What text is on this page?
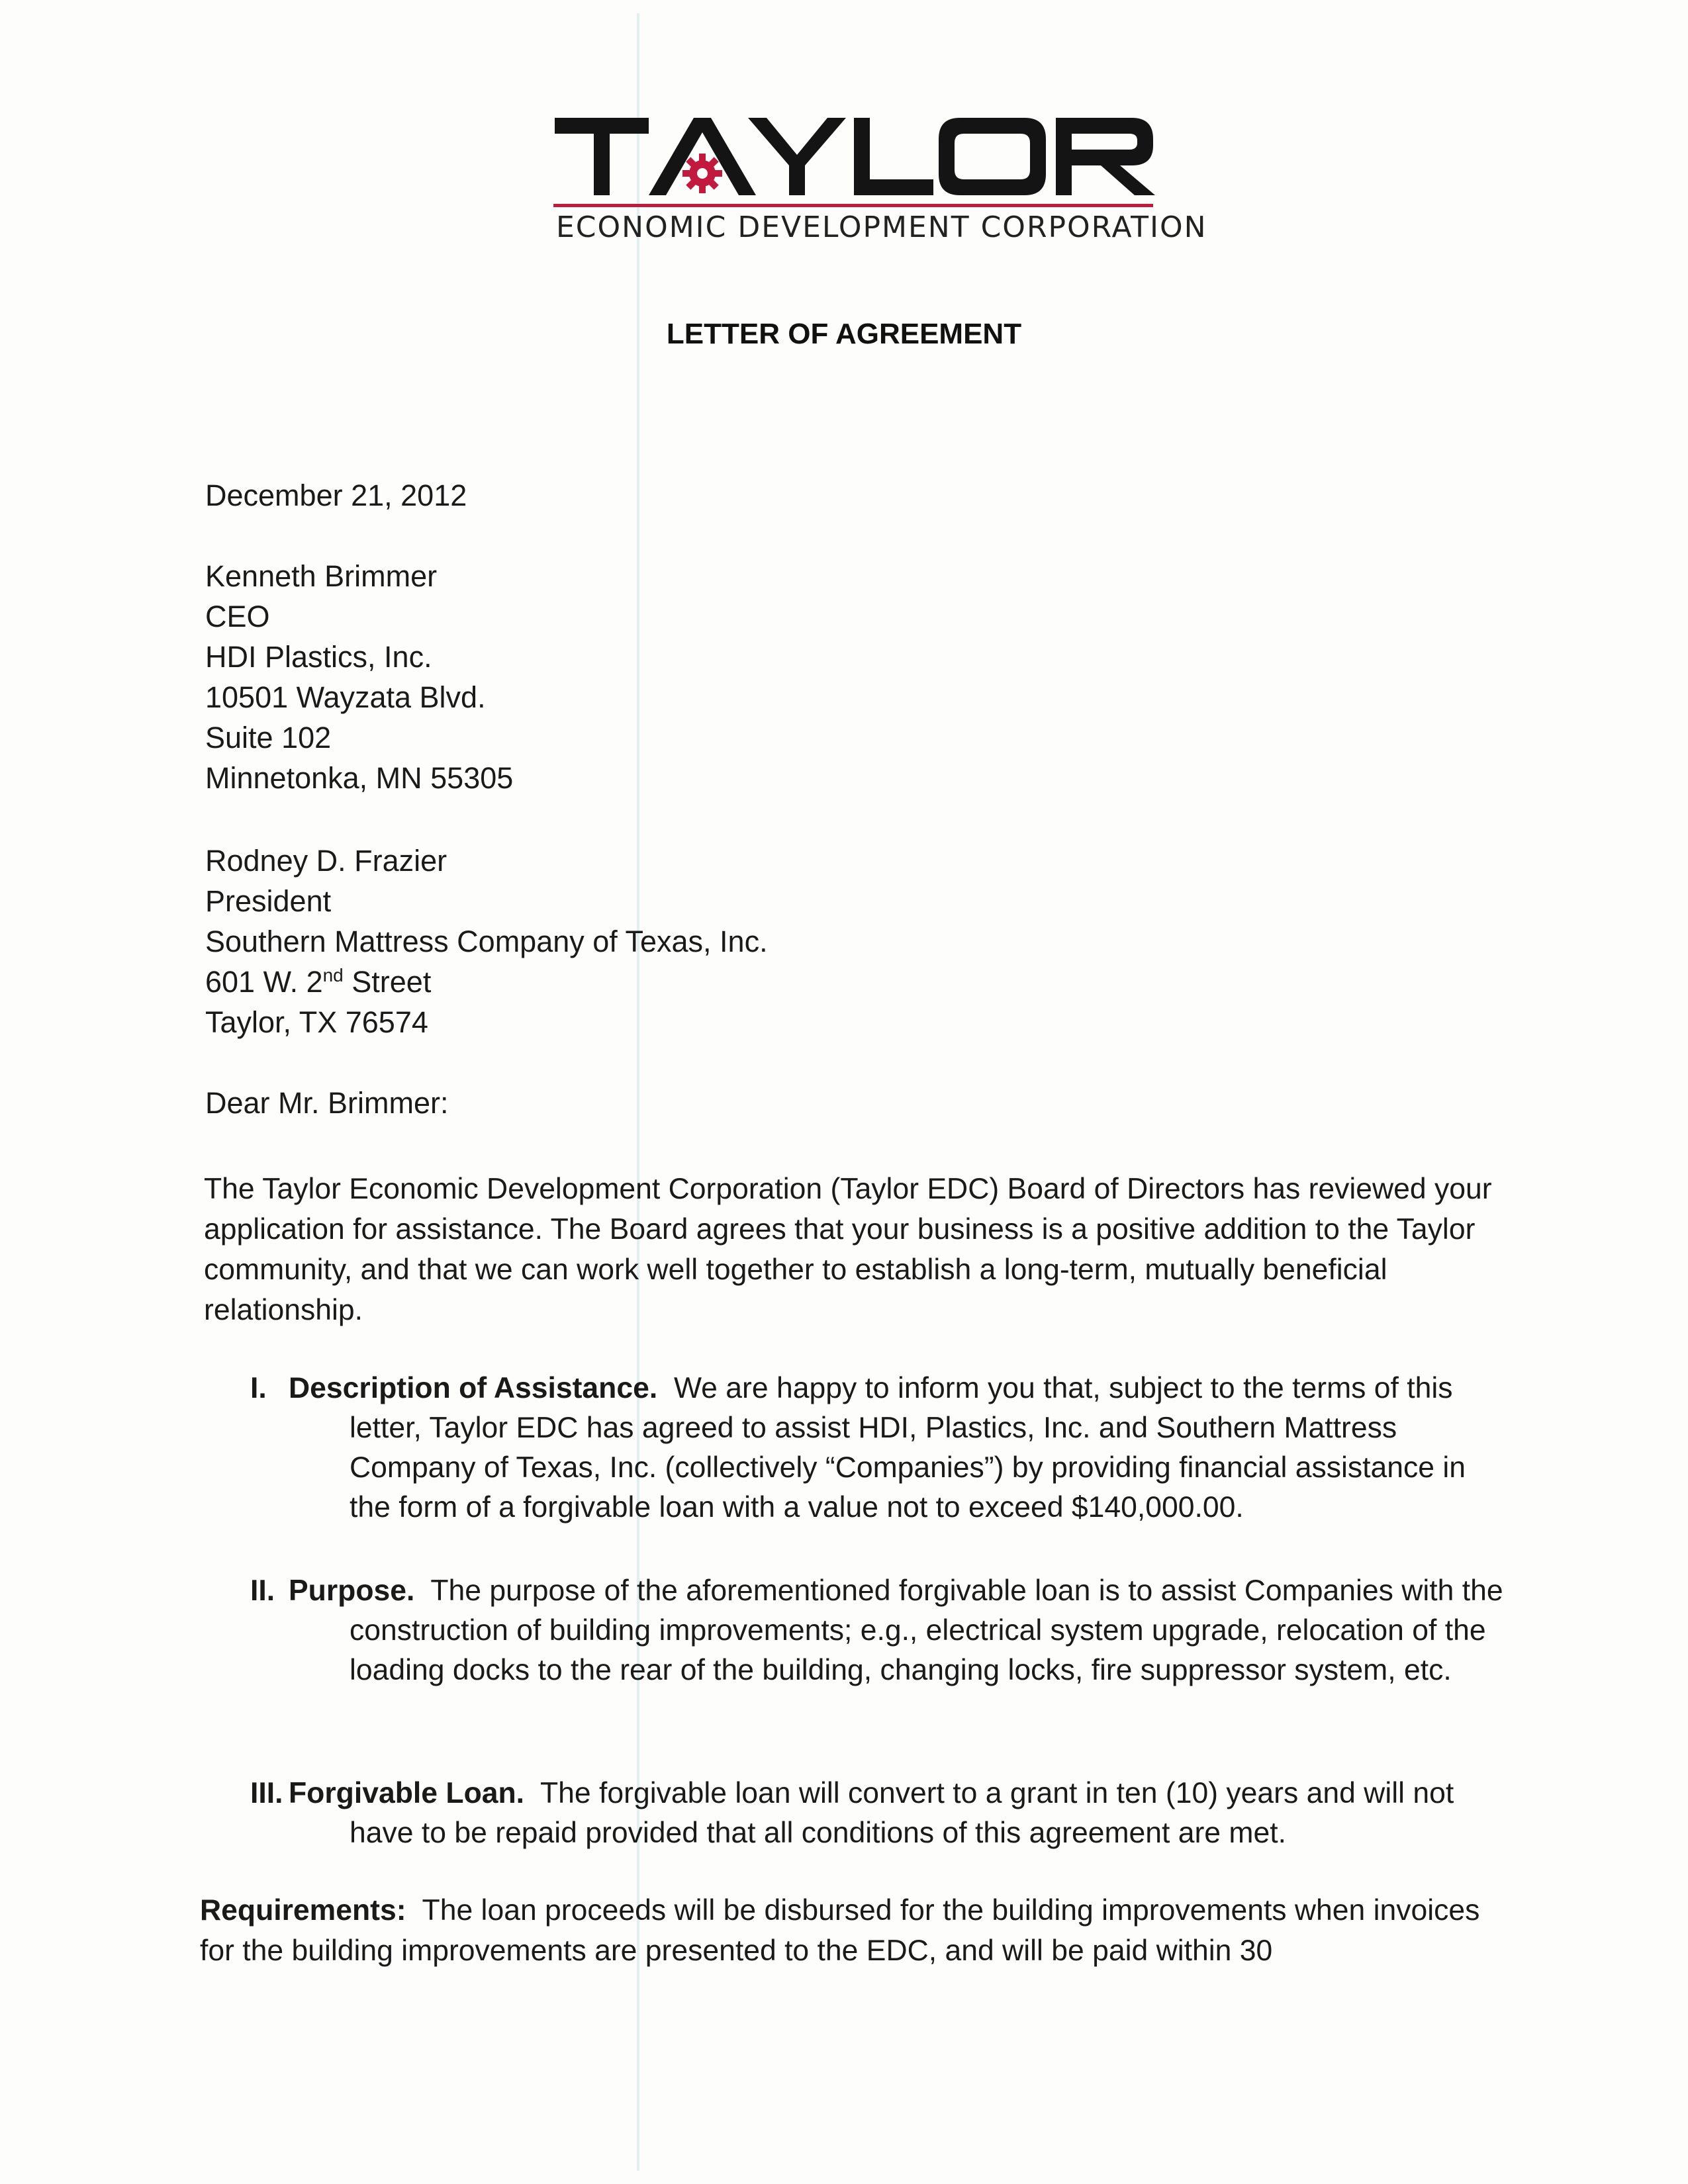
ECONOMIC DEVELOPMENT CORPORATION
LETTER OF AGREEMENT
December 21, 2012
Kenneth Brimmer
CEO
HDI Plastics, Inc.
10501 Wayzata Blvd.
Suite 102
Minnetonka, MN 55305
Rodney D. Frazier
President
Southern Mattress Company of Texas, Inc.
601 W. 2nd Street
Taylor, TX 76574
Dear Mr. Brimmer:

The Taylor Economic Development Corporation (Taylor EDC) Board of Directors has reviewed your application for assistance. The Board agrees that your business is a positive addition to the Taylor community, and that we can work well together to establish a long-term, mutually beneficial relationship.

I. Description of Assistance. We are happy to inform you that, subject to the terms of this letter, Taylor EDC has agreed to assist HDI, Plastics, Inc. and Southern Mattress Company of Texas, Inc. (collectively “Companies”) by providing financial assistance in the form of a forgivable loan with a value not to exceed $140,000.00.
II. Purpose. The purpose of the aforementioned forgivable loan is to assist Companies with the construction of building improvements; e.g., electrical system upgrade, relocation of the loading docks to the rear of the building, changing locks, fire suppressor system, etc.
III. Forgivable Loan. The forgivable loan will convert to a grant in ten (10) years and will not have to be repaid provided that all conditions of this agreement are met.

Requirements: The loan proceeds will be disbursed for the building improvements when invoices for the building improvements are presented to the EDC, and will be paid within 30
